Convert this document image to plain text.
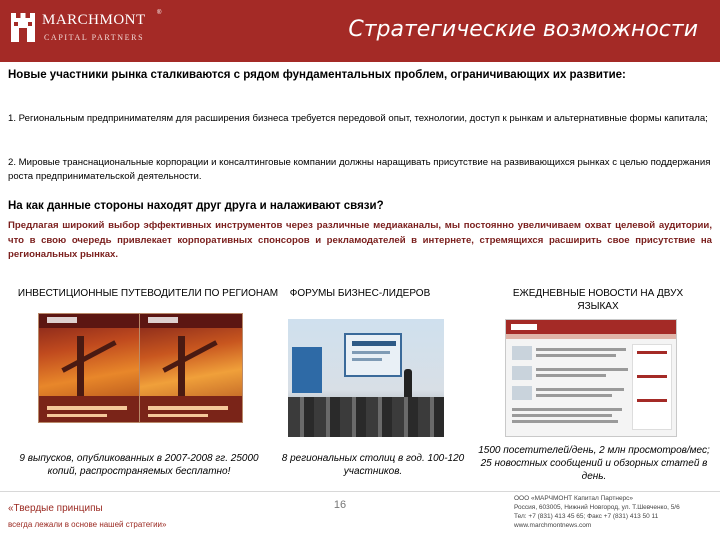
MARCHMONT ®
CAPITAL PARTNERS	Стратегические возможности
Новые участники рынка сталкиваются с рядом фундаментальных проблем, ограничивающих их развитие:
1. Региональным предпринимателям для расширения бизнеса требуется передовой опыт, технологии, доступ к рынкам и альтернативные формы капитала;
2. Мировые транснациональные корпорации и консалтинговые компании должны наращивать присутствие на развивающихся рынках с целью поддержания роста предпринимательской деятельности.
На как данные стороны находят друг друга и налаживают связи?
Предлагая широкий выбор эффективных инструментов через различные медиаканалы, мы постоянно увеличиваем охват целевой аудитории, что в свою очередь привлекает корпоративных спонсоров и рекламодателей в интернете, стремящихся расширить свое присутствие на региональных рынках.
ИНВЕСТИЦИОННЫЕ ПУТЕВОДИТЕЛИ ПО РЕГИОНАМ	ФОРУМЫ БИЗНЕС-ЛИДЕРОВ	ЕЖЕДНЕВНЫЕ НОВОСТИ НА ДВУХ ЯЗЫКАХ
9 выпусков, опубликованных в 2007-2008 гг. 25000 копий, распространяемых бесплатно!
8 региональных столиц в год. 100-120 участников.
1500 посетителей/день, 2 млн просмотров/мес; 25 новостных сообщений и обзорных статей в день.
«Твердые принципы
всегда лежали в основе нашей стратегии»
16
ООО «МАРЧМОНТ Капитал Партнерс»
Россия, 603005, Нижний Новгород, ул. Т.Шевченко, 5/6
Тел: +7 (831) 413 45 65; Факс +7 (831) 413 50 11
www.marchmontnews.com
